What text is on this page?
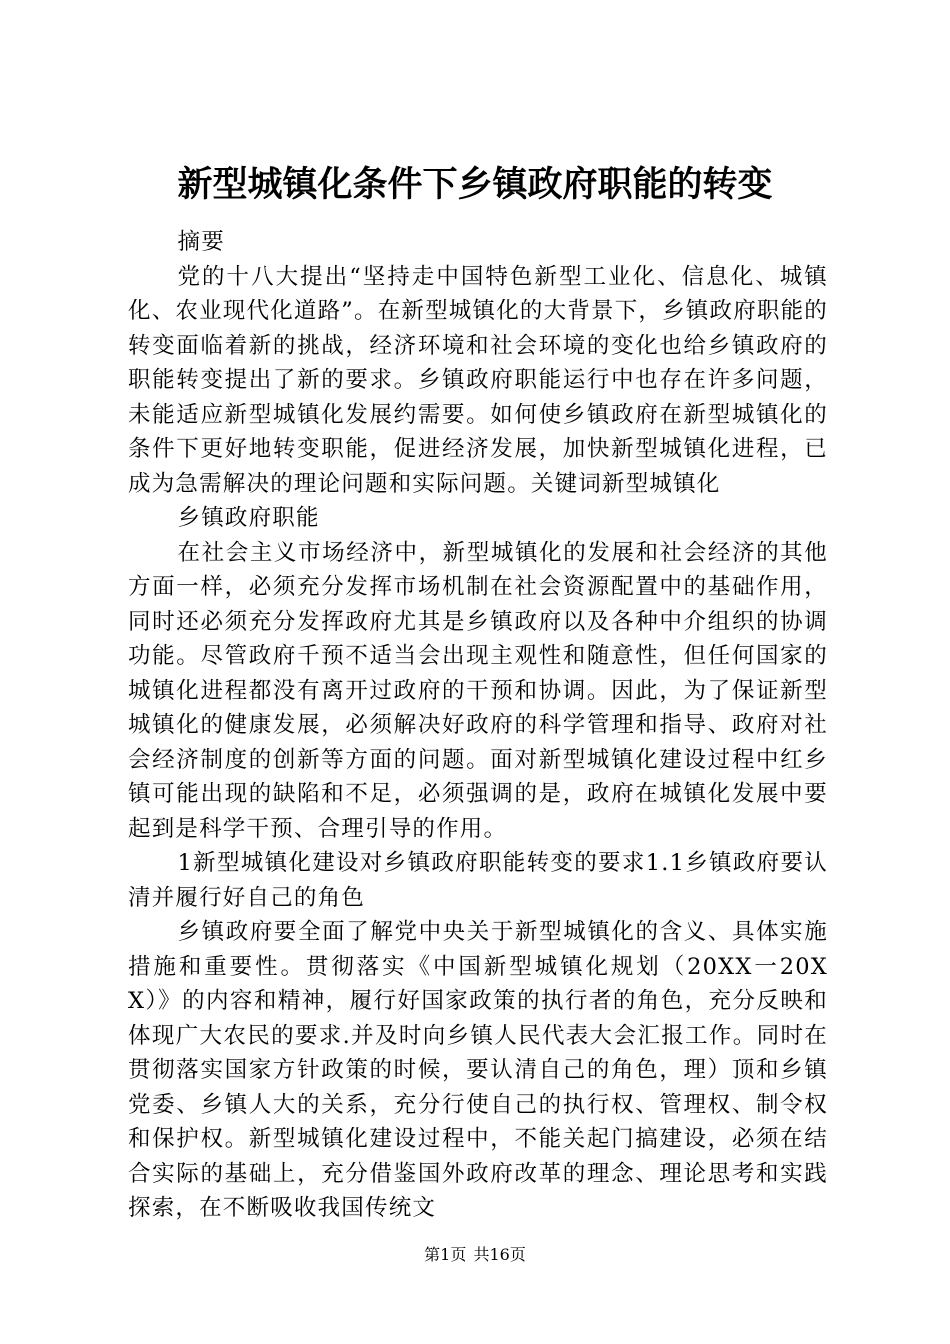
新型城镇化条件下乡镇政府职能的转变

摘要

党的十八大提出“坚持走中国特色新型工业化、信息化、城镇化、农业现代化道路”。在新型城镇化的大背景下，乡镇政府职能的转变面临着新的挑战，经济环境和社会环境的变化也给乡镇政府的职能转变提出了新的要求。乡镇政府职能运行中也存在许多问题，未能适应新型城镇化发展约需要。如何使乡镇政府在新型城镇化的条件下更好地转变职能，促进经济发展，加快新型城镇化进程，已成为急需解决的理论问题和实际问题。关键词新型城镇化

乡镇政府职能

在社会主义市场经济中，新型城镇化的发展和社会经济的其他方面一样，必须充分发挥市场机制在社会资源配置中的基础作用，同时还必须充分发挥政府尤其是乡镇政府以及各种中介组织的协调功能。尽管政府千预不适当会出现主观性和随意性，但任何国家的城镇化进程都没有离开过政府的干预和协调。因此，为了保证新型城镇化的健康发展，必须解决好政府的科学管理和指导、政府对社会经济制度的创新等方面的问题。面对新型城镇化建设过程中红乡镇可能出现的缺陷和不足，必须强调的是，政府在城镇化发展中要起到是科学干预、合理引导的作用。

1新型城镇化建设对乡镇政府职能转变的要求1.1乡镇政府要认清并履行好自己的角色

乡镇政府要全面了解党中央关于新型城镇化的含义、具体实施措施和重要性。贯彻落实《中国新型城镇化规划（20XX一20XX）》的内容和精神，履行好国家政策的执行者的角色，充分反映和体现广大农民的要求.并及时向乡镇人民代表大会汇报工作。同时在贯彻落实国家方针政策的时候，要认清自己的角色，理）顶和乡镇党委、乡镇人大的关系，充分行使自己的执行权、管理权、制令权和保护权。新型城镇化建设过程中，不能关起门搞建设，必须在结合实际的基础上，充分借鉴国外政府改革的理念、理论思考和实践探索，在不断吸收我国传统文

第1页 共16页
